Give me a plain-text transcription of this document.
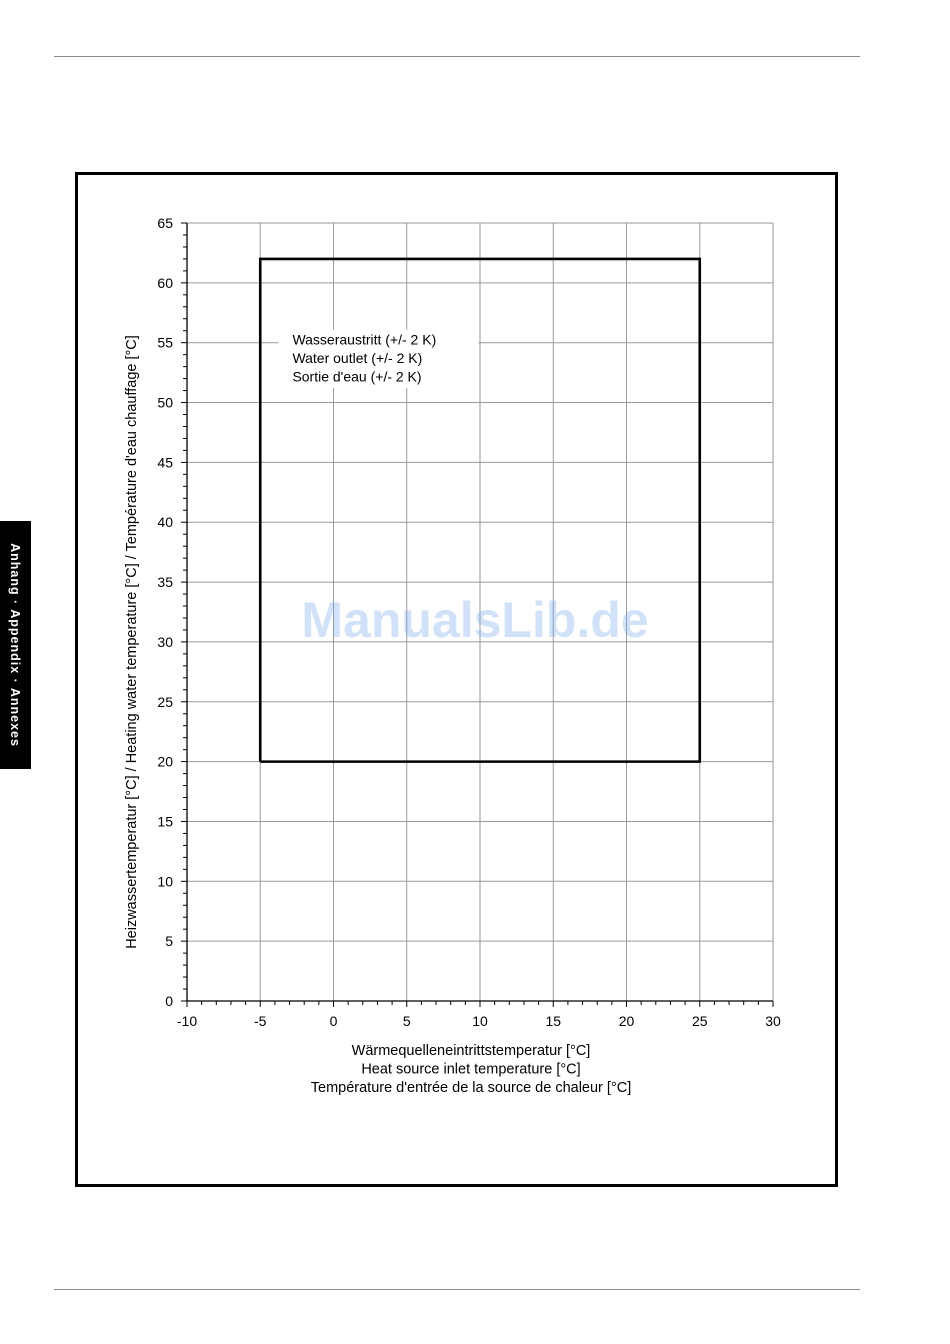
Anhang · Appendix · Annexes
-10	-5	0	5	10	15	20	25	30
0
5
10
15
20
25
30
35
40
45
50
55
60
65
Wasseraustritt (+/- 2 K)
Water outlet (+/- 2 K)
Sortie d'eau (+/- 2 K)
Wärmequelleneintrittstemperatur [°C]
Heat source inlet temperature [°C]
Température d'entrée de la source de chaleur [°C]
Heizwassertemperatur [°C] / Heating water temperature [°C] / Température d'eau chauffage [°C]	ManualsLib.de
